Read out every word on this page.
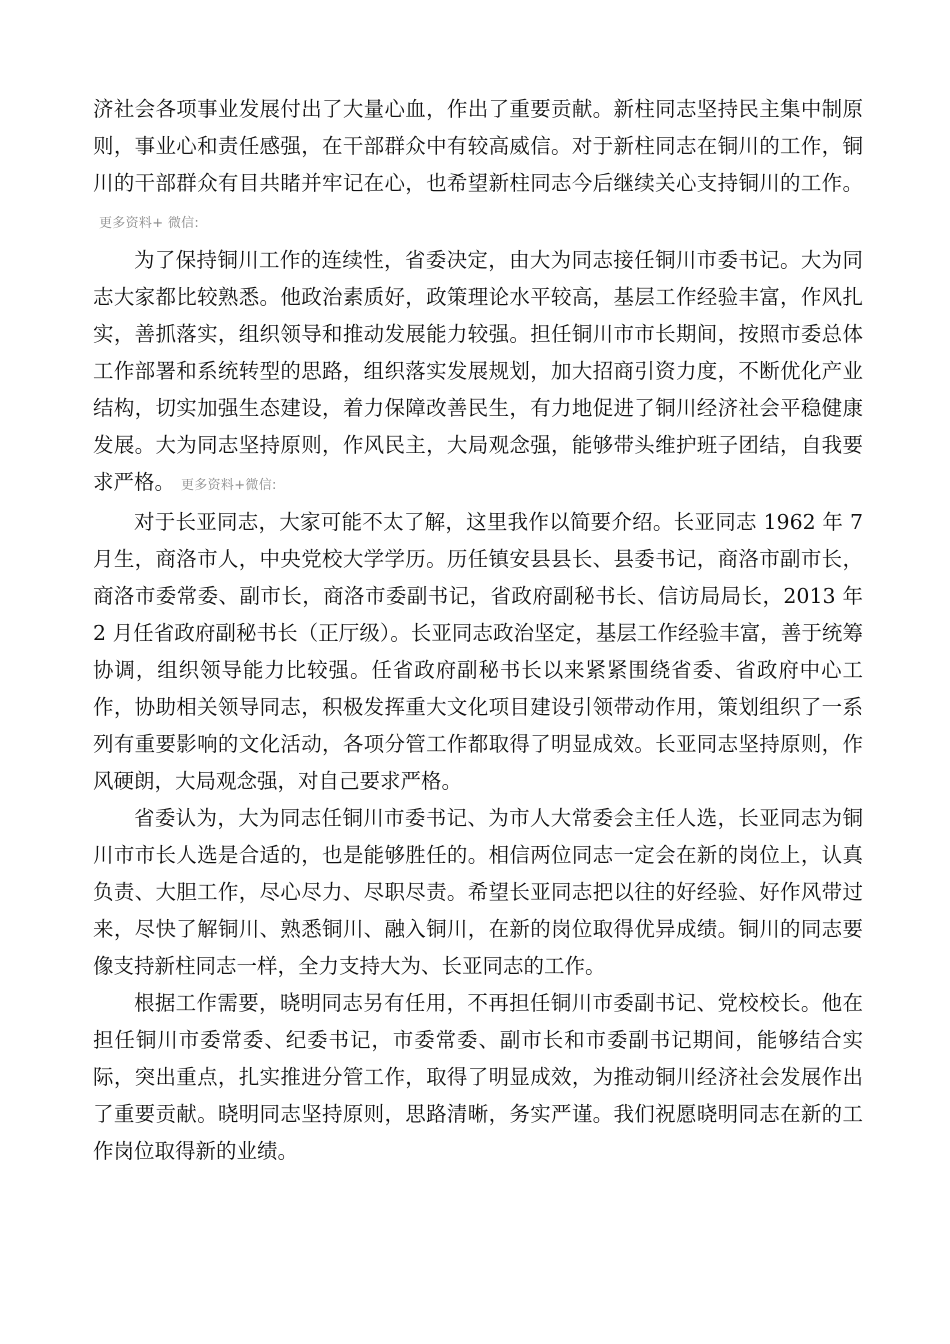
济社会各项事业发展付出了大量心血，作出了重要贡献。新柱同志坚持民主集中制原则，事业心和责任感强，在干部群众中有较高威信。对于新柱同志在铜川的工作，铜川的干部群众有目共睹并牢记在心，也希望新柱同志今后继续关心支持铜川的工作。更多资料+ 微信:

为了保持铜川工作的连续性，省委决定，由大为同志接任铜川市委书记。大为同志大家都比较熟悉。他政治素质好，政策理论水平较高，基层工作经验丰富，作风扎实，善抓落实，组织领导和推动发展能力较强。担任铜川市市长期间，按照市委总体工作部署和系统转型的思路，组织落实发展规划，加大招商引资力度，不断优化产业结构，切实加强生态建设，着力保障改善民生，有力地促进了铜川经济社会平稳健康发展。大为同志坚持原则，作风民主，大局观念强，能够带头维护班子团结，自我要求严格。 更多资料+微信:

对于长亚同志，大家可能不太了解，这里我作以简要介绍。长亚同志 1962 年 7 月生，商洛市人，中央党校大学学历。历任镇安县县长、县委书记，商洛市副市长，商洛市委常委、副市长，商洛市委副书记，省政府副秘书长、信访局局长，2013 年 2 月任省政府副秘书长（正厅级）。长亚同志政治坚定，基层工作经验丰富，善于统筹协调，组织领导能力比较强。任省政府副秘书长以来紧紧围绕省委、省政府中心工作，协助相关领导同志，积极发挥重大文化项目建设引领带动作用，策划组织了一系列有重要影响的文化活动，各项分管工作都取得了明显成效。长亚同志坚持原则，作风硬朗，大局观念强，对自己要求严格。

省委认为，大为同志任铜川市委书记、为市人大常委会主任人选，长亚同志为铜川市市长人选是合适的，也是能够胜任的。相信两位同志一定会在新的岗位上，认真负责、大胆工作，尽心尽力、尽职尽责。希望长亚同志把以往的好经验、好作风带过来，尽快了解铜川、熟悉铜川、融入铜川，在新的岗位取得优异成绩。铜川的同志要像支持新柱同志一样，全力支持大为、长亚同志的工作。

根据工作需要，晓明同志另有任用，不再担任铜川市委副书记、党校校长。他在担任铜川市委常委、纪委书记，市委常委、副市长和市委副书记期间，能够结合实际，突出重点，扎实推进分管工作，取得了明显成效，为推动铜川经济社会发展作出了重要贡献。晓明同志坚持原则，思路清晰，务实严谨。我们祝愿晓明同志在新的工作岗位取得新的业绩。
